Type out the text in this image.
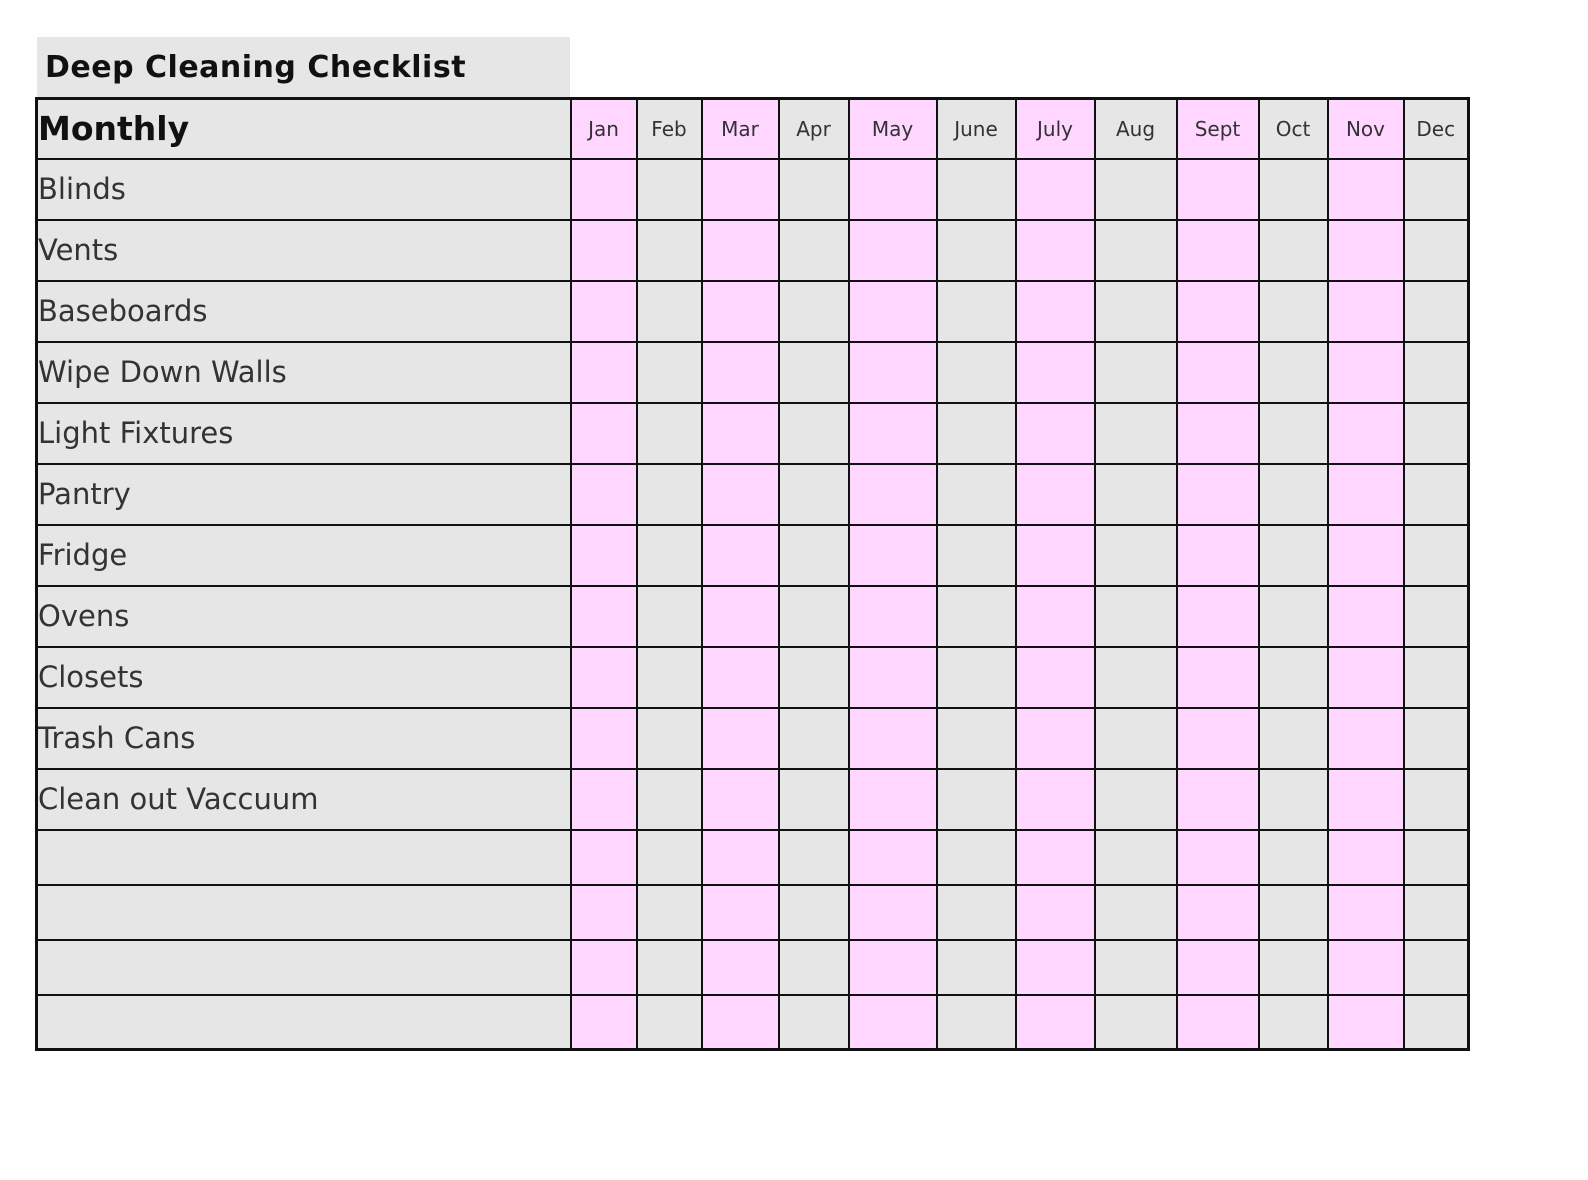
Deep Cleaning Checklist
Monthly	Jan	Feb	Mar	Apr	May	June	July	Aug	Sept	Oct	Nov	Dec
Blinds												
Vents												
Baseboards												
Wipe Down Walls												
Light Fixtures												
Pantry												
Fridge												
Ovens												
Closets												
Trash Cans												
Clean out Vaccuum												
